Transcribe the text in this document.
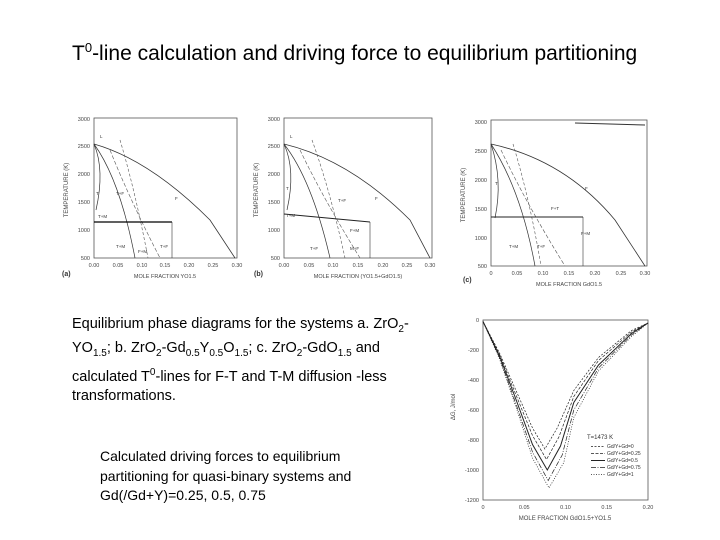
$T^0$-line calculation and driving force to equilibrium partitioning
3000
2500
2000
1500
1000
500
0.00 0.05 0.10 0.15 0.20 0.25 0.30
TEMPERATURE (K)
MOLE FRACTION YO1.5
(a)
L
F
T	T+F
T+M
T+F
T+M
F+M
3000
2500
2000
1500
1000
500
0.00	0.05 0.10	0.15	0.20 0.25 0.30
TEMPERATURE (K)
MOLE FRACTION (YO1.5+GdO1.5)
(b)
L
F
T
T+F
T+M
F+M
T+F	M+F
3000
2500
2000
1500
1000
500
0	0.05	0.10	0.15	0.20	0.25 0.30
TEMPERATURE (K)
MOLE FRACTION GdO1.5
(c)
F
T
F+T
F+M
T+M	T+F
Equilibrium phase diagrams for the systems a. $ZrO_2-YO_{1.5}$; b. $ZrO_2-Gd_{0.5}Y_{0.5}O_{1.5}$; c. ZrO$_2$-GdO$_{1.5}$ and calculated $T^0$-lines for F-T and T-M diffusion -less transformations.
Calculated driving forces to equilibrium partitioning for quasi-binary systems and Gd(/Gd+Y)=0.25, 0.5, 0.75
0
-200
-400
-600
-800
-1000
-1200
0	0.05	0.10	0.15	0.20
ΔG, J/mol
MOLE FRACTION GdO1.5+YO1.5
T=1473 K
Gd/Y+Gd=0
Gd/Y+Gd=0.25
Gd/Y+Gd=0.5
Gd/Y+Gd=0.75
Gd/Y+Gd=1
